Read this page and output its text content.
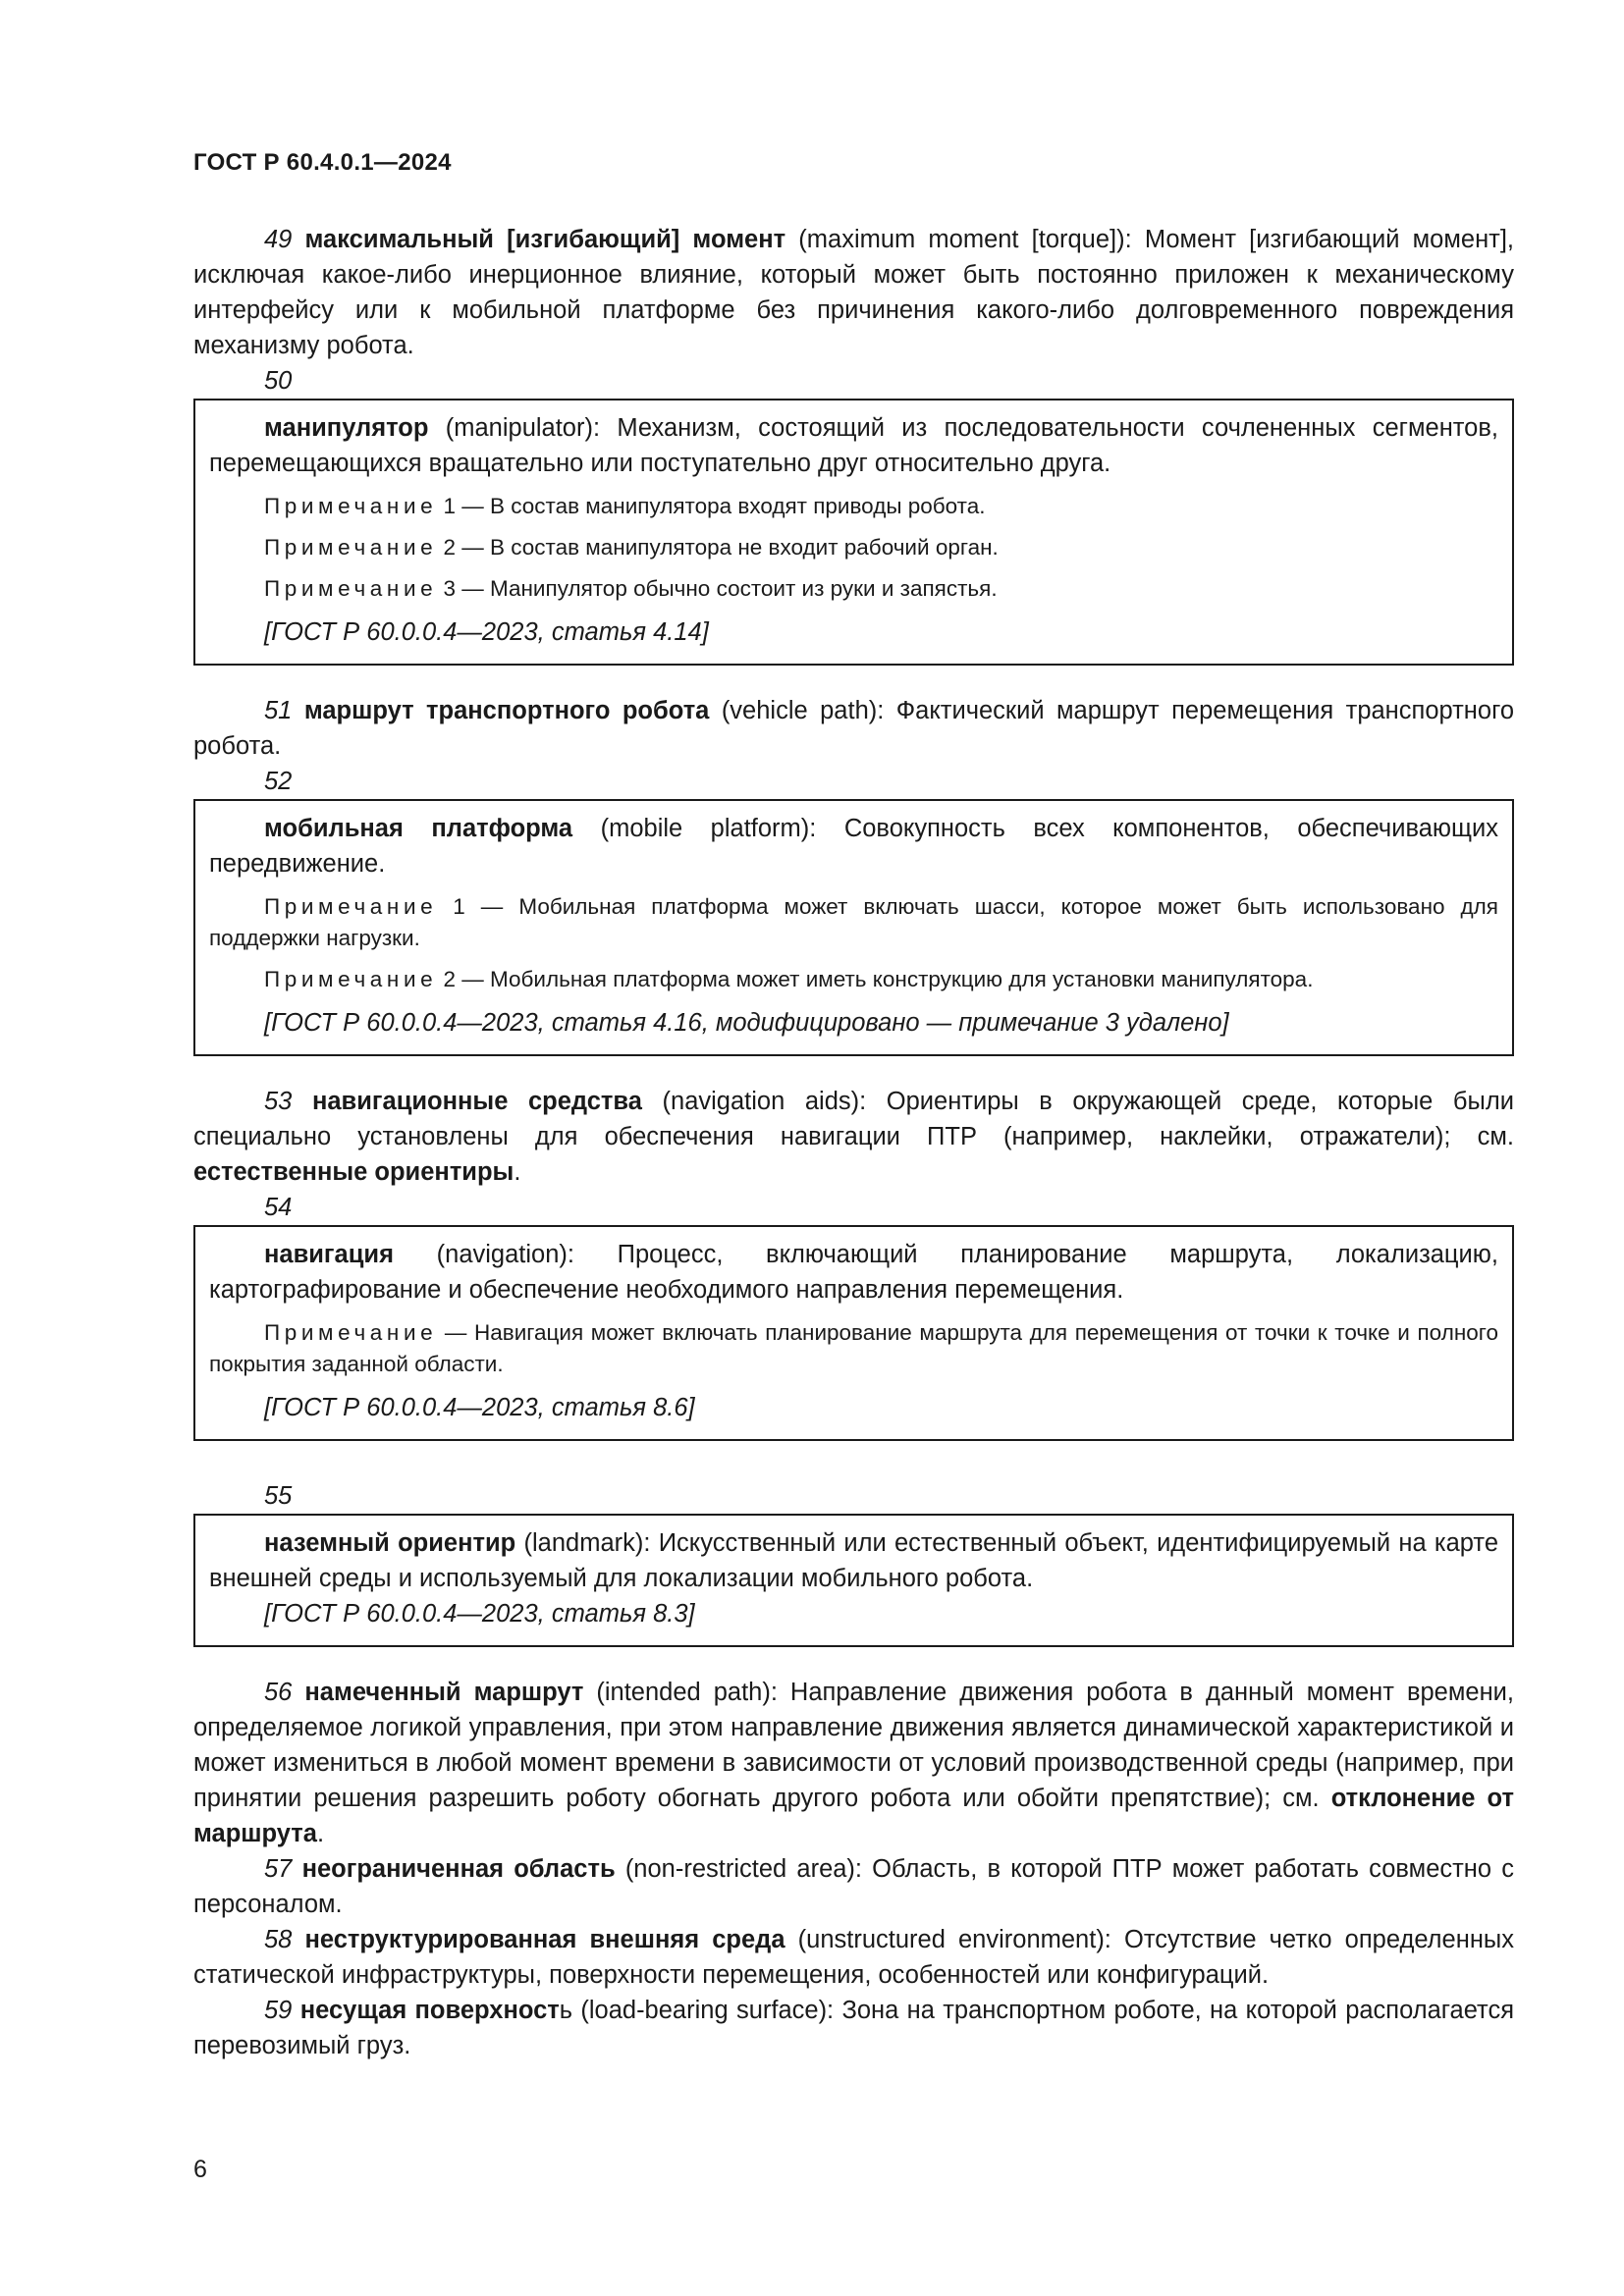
ГОСТ Р 60.4.0.1—2024

49 максимальный [изгибающий] момент (maximum moment [torque]): Момент [изгибающий момент], исключая какое-либо инерционное влияние, который может быть постоянно приложен к механическому интерфейсу или к мобильной платформе без причинения какого-либо долговременного повреждения механизму робота.

50

манипулятор (manipulator): Механизм, состоящий из последовательности сочлененных сегментов, перемещающихся вращательно или поступательно друг относительно друга.

Примечание 1 — В состав манипулятора входят приводы робота.

Примечание 2 — В состав манипулятора не входит рабочий орган.

Примечание 3 — Манипулятор обычно состоит из руки и запястья.

[ГОСТ Р 60.0.0.4—2023, статья 4.14]

51 маршрут транспортного робота (vehicle path): Фактический маршрут перемещения транспортного робота.

52

мобильная платформа (mobile platform): Совокупность всех компонентов, обеспечивающих передвижение.

Примечание 1 — Мобильная платформа может включать шасси, которое может быть использовано для поддержки нагрузки.

Примечание 2 — Мобильная платформа может иметь конструкцию для установки манипулятора.

[ГОСТ Р 60.0.0.4—2023, статья 4.16, модифицировано — примечание 3 удалено]

53 навигационные средства (navigation aids): Ориентиры в окружающей среде, которые были специально установлены для обеспечения навигации ПТР (например, наклейки, отражатели); см. естественные ориентиры.

54

навигация (navigation): Процесс, включающий планирование маршрута, локализацию, картографирование и обеспечение необходимого направления перемещения.

Примечание — Навигация может включать планирование маршрута для перемещения от точки к точке и полного покрытия заданной области.

[ГОСТ Р 60.0.0.4—2023, статья 8.6]

55

наземный ориентир (landmark): Искусственный или естественный объект, идентифицируемый на карте внешней среды и используемый для локализации мобильного робота.

[ГОСТ Р 60.0.0.4—2023, статья 8.3]

56 намеченный маршрут (intended path): Направление движения робота в данный момент времени, определяемое логикой управления, при этом направление движения является динамической характеристикой и может измениться в любой момент времени в зависимости от условий производственной среды (например, при принятии решения разрешить роботу обогнать другого робота или обойти препятствие); см. отклонение от маршрута.

57 неограниченная область (non-restricted area): Область, в которой ПТР может работать совместно с персоналом.

58 неструктурированная внешняя среда (unstructured environment): Отсутствие четко определенных статической инфраструктуры, поверхности перемещения, особенностей или конфигураций.

59 несущая поверхность (load-bearing surface): Зона на транспортном роботе, на которой располагается перевозимый груз.

6
